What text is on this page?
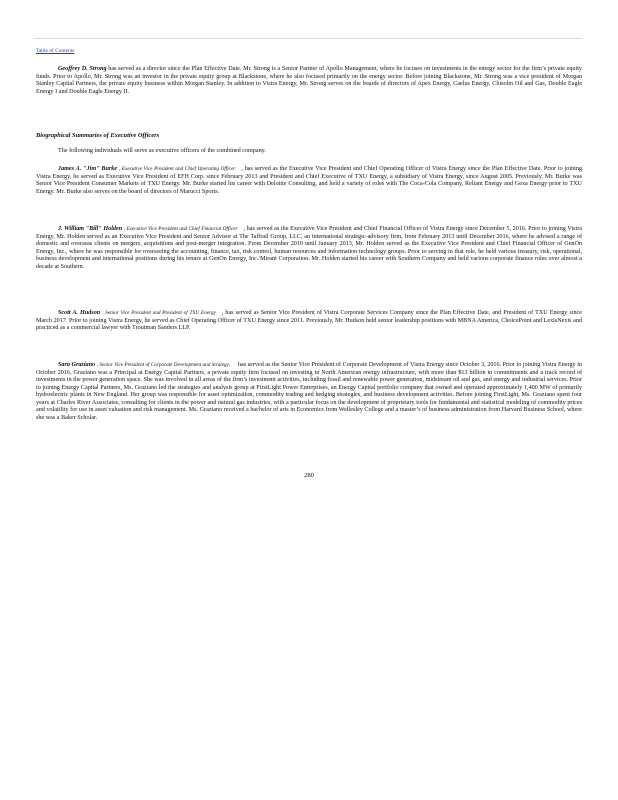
Table of Contents

Geoffrey D. Strong has served as a director since the Plan Effective Date. Mr. Strong is a Senior Partner of Apollo Management, where he focuses on investments in the energy sector for the firm’s private equity funds. Prior to Apollo, Mr. Strong was an investor in the private equity group at Blackstone, where he also focused primarily on the energy sector. Before joining Blackstone, Mr. Strong was a vice president of Morgan Stanley Capital Partners, the private equity business within Morgan Stanley. In addition to Vistra Energy, Mr. Strong serves on the boards of directors of Apex Energy, Caelus Energy, Chisolm Oil and Gas, Double Eagle Energy I and Double Eagle Energy II.

Biographical Summaries of Executive Officers
The following individuals will serve as executive officers of the combined company.

James A. "Jim" Burke , Executive Vice President and Chief Operating Officer , has served as the Executive Vice President and Chief Operating Officer of Vistra Energy since the Plan Effective Date. Prior to joining Vistra Energy, he served as Executive Vice President of EFH Corp. since February 2013 and President and Chief Executive of TXU Energy, a subsidiary of Vistra Energy, since August 2005. Previously, Mr. Burke was Senior Vice President Consumer Markets of TXU Energy. Mr. Burke started his career with Deloitte Consulting, and held a variety of roles with The Coca-Cola Company, Reliant Energy and Gexa Energy prior to TXU Energy. Mr. Burke also serves on the board of directors of Marucci Sports.

J. William "Bill" Holden , Executive Vice President and Chief Financial Officer , has served as the Executive Vice President and Chief Financial Officer of Vistra Energy since December 5, 2016. Prior to joining Vistra Energy, Mr. Holden served as an Executive Vice President and Senior Advisor at The Taffrail Group, LLC, an international strategic-advisory firm, from February 2013 until December 2016, where he advised a range of domestic and overseas clients on mergers, acquisitions and post-merger integration. From December 2010 until January 2013, Mr. Holden served as the Executive Vice President and Chief Financial Officer of GenOn Energy, Inc., where he was responsible for overseeing the accounting, finance, tax, risk control, human resources and information technology groups. Prior to serving in that role, he held various treasury, risk, operational, business development and international positions during his tenure at GenOn Energy, Inc./Mirant Corporation. Mr. Holden started his career with Southern Company and held various corporate finance roles over almost a decade at Southern.

Scott A. Hudson , Senior Vice President and President of TXU Energy , has served as Senior Vice President of Vistra Corporate Services Company since the Plan Effective Date, and President of TXU Energy since March 2017. Prior to joining Vistra Energy, he served as Chief Operating Officer of TXU Energy since 2011. Previously, Mr. Hudson held senior leadership positions with MBNA America, ChoicePoint and LexisNexis and practiced as a commercial lawyer with Troutman Sanders LLP.

Sara Graziano , Senior Vice President of Corporate Development and Strategy, has served as the Senior Vice President of Corporate Development of Vistra Energy since October 3, 2016. Prior to joining Vistra Energy in October 2016, Graziano was a Principal at Energy Capital Partners, a private equity firm focused on investing in North American energy infrastructure, with more than $13 billion in commitments and a track record of investments in the power generation space. She was involved in all areas of the firm’s investment activities, including fossil and renewable power generation, midstream oil and gas, and energy and industrial services. Prior to joining Energy Capital Partners, Ms. Graziano led the strategies and analysis group at FirstLight Power Enterprises, an Energy Capital portfolio company that owned and operated approximately 1,400 MW of primarily hydroelectric plants in New England. Her group was responsible for asset optimization, commodity trading and hedging strategies, and business development activities. Before joining FirstLight, Ms. Graziano spent four years at Charles River Associates, consulting for clients in the power and natural gas industries, with a particular focus on the development of proprietary tools for fundamental and statistical modeling of commodity prices and volatility for use in asset valuation and risk management. Ms. Graziano received a bachelor of arts in Economics from Wellesley College and a master’s of business administration from Harvard Business School, where she was a Baker Scholar.

280
